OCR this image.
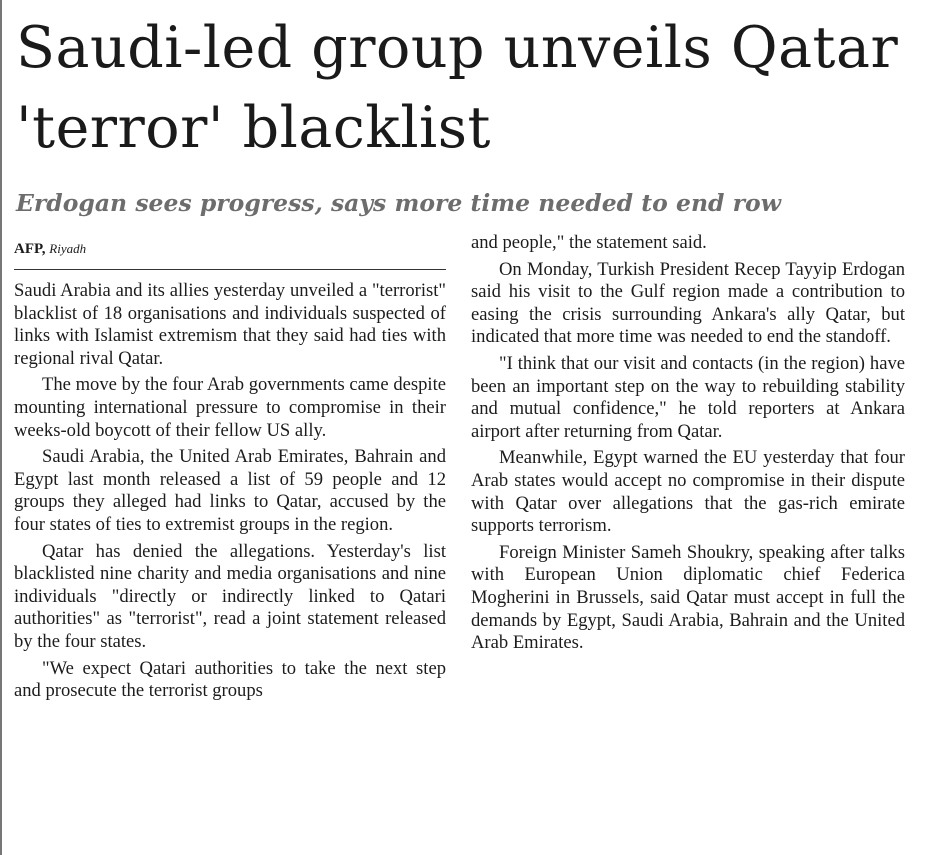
Saudi-led group unveils Qatar 'terror' blacklist
Erdogan sees progress, says more time needed to end row
AFP, Riyadh

Saudi Arabia and its allies yesterday unveiled a "terrorist" blacklist of 18 organisations and individuals suspected of links with Islamist extremism that they said had ties with regional rival Qatar.

The move by the four Arab governments came despite mounting international pressure to compromise in their weeks-old boycott of their fellow US ally.

Saudi Arabia, the United Arab Emirates, Bahrain and Egypt last month released a list of 59 people and 12 groups they alleged had links to Qatar, accused by the four states of ties to extremist groups in the region.

Qatar has denied the allegations. Yesterday's list blacklisted nine charity and media organisations and nine individuals "directly or indirectly linked to Qatari authorities" as "terrorist", read a joint statement released by the four states.

"We expect Qatari authorities to take the next step and prosecute the terrorist groups

and people," the statement said.

On Monday, Turkish President Recep Tayyip Erdogan said his visit to the Gulf region made a contribution to easing the crisis surrounding Ankara's ally Qatar, but indicated that more time was needed to end the standoff.

"I think that our visit and contacts (in the region) have been an important step on the way to rebuilding stability and mutual confidence," he told reporters at Ankara airport after returning from Qatar.

Meanwhile, Egypt warned the EU yesterday that four Arab states would accept no compromise in their dispute with Qatar over allegations that the gas-rich emirate supports terrorism.

Foreign Minister Sameh Shoukry, speaking after talks with European Union diplomatic chief Federica Mogherini in Brussels, said Qatar must accept in full the demands by Egypt, Saudi Arabia, Bahrain and the United Arab Emirates.
